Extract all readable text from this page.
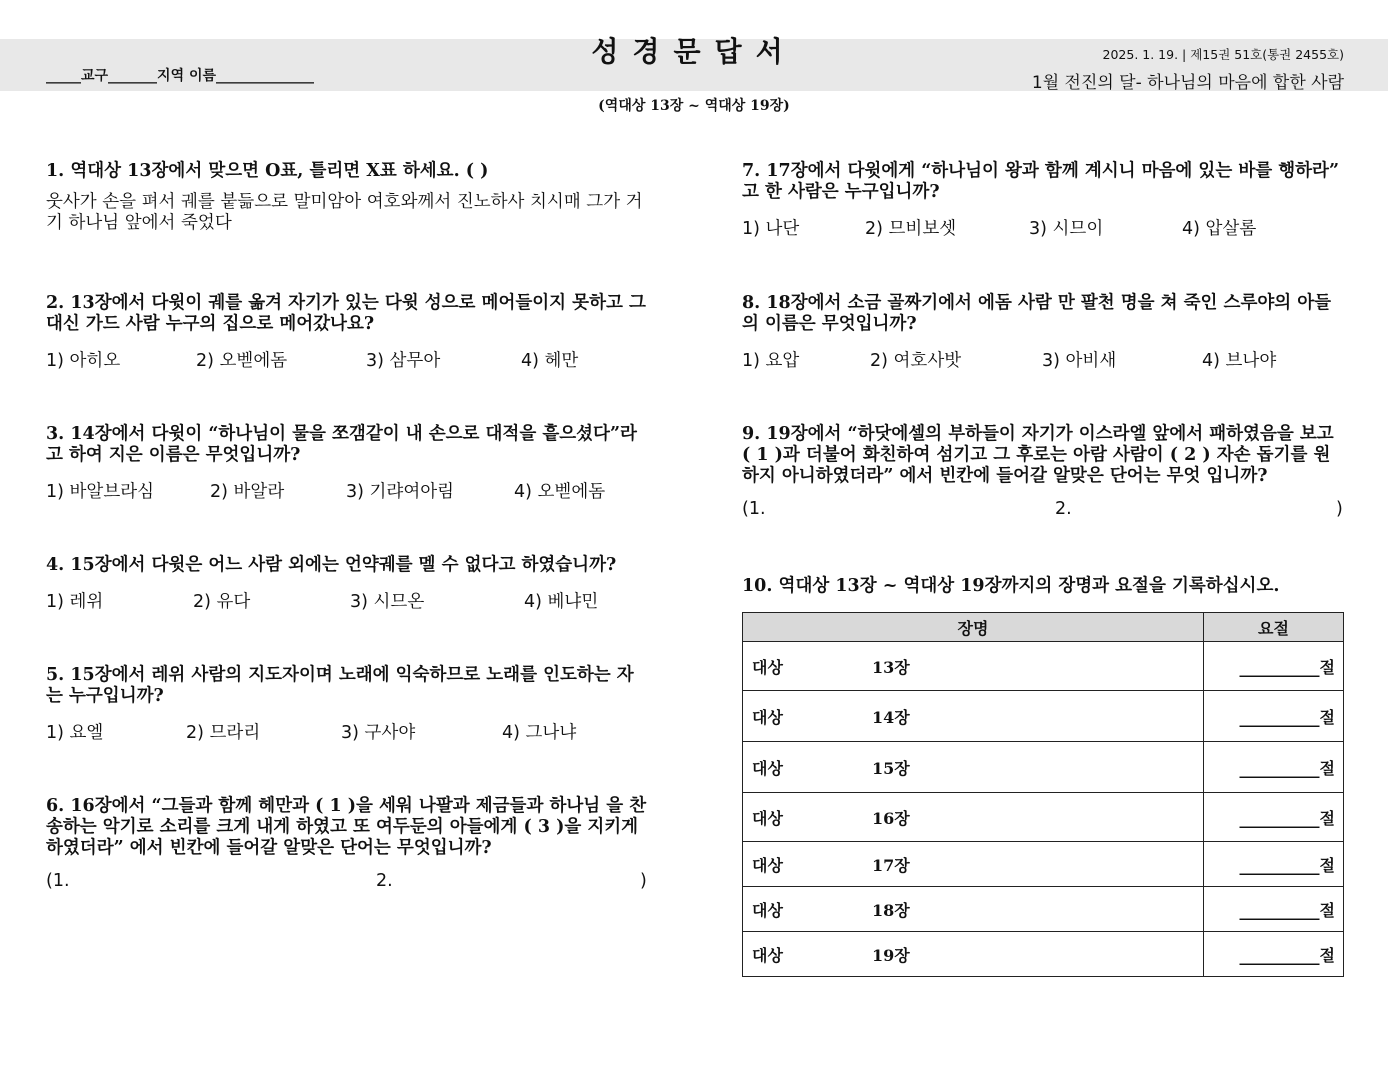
성경문답서
_____교구_______지역 이름______________
2025. 1. 19. | 제15권 51호(통권 2455호)
1월 전진의 달- 하나님의 마음에 합한 사람
(역대상 13장 ~ 역대상 19장)

1. 역대상 13장에서 맞으면 O표, 틀리면 X표 하세요. ( )

웃사가 손을 펴서 궤를 붙듦으로 말미암아 여호와께서 진노하사 치시매 그가 거기 하나님 앞에서 죽었다

2. 13장에서 다윗이 궤를 옮겨 자기가 있는 다윗 성으로 메어들이지 못하고 그 대신 가드 사람 누구의 집으로 메어갔나요?

1) 아히오	2) 오벧에돔	3) 삼무아	4) 헤만

3. 14장에서 다윗이 “하나님이 물을 쪼갬같이 내 손으로 대적을 흩으셨다”라고 하여 지은 이름은 무엇입니까?

1) 바알브라심	2) 바알라	3) 기랴여아림	4) 오벧에돔

4. 15장에서 다윗은 어느 사람 외에는 언약궤를 멜 수 없다고 하였습니까?

1) 레위	2) 유다	3) 시므온	4) 베냐민

5. 15장에서 레위 사람의 지도자이며 노래에 익숙하므로 노래를 인도하는 자는 누구입니까?

1) 요엘	2) 므라리	3) 구사야	4) 그나냐

6. 16장에서 “그들과 함께 헤만과 ( 1 )을 세워 나팔과 제금들과 하나님 을 찬송하는 악기로 소리를 크게 내게 하였고 또 여두둔의 아들에게 ( 3 )을 지키게 하였더라” 에서 빈칸에 들어갈 알맞은 단어는 무엇입니까?

(1.	2.	)

7. 17장에서 다윗에게 “하나님이 왕과 함께 계시니 마음에 있는 바를 행하라” 고 한 사람은 누구입니까?

1) 나단	2) 므비보셋	3) 시므이	4) 압살롬

8. 18장에서 소금 골짜기에서 에돔 사람 만 팔천 명을 쳐 죽인 스루야의 아들의 이름은 무엇입니까?

1) 요압	2) 여호사밧	3) 아비새	4) 브나야

9. 19장에서 “하닷에셀의 부하들이 자기가 이스라엘 앞에서 패하였음을 보고 ( 1 )과 더불어 화친하여 섬기고 그 후로는 아람 사람이 ( 2 ) 자손 돕기를 원하지 아니하였더라” 에서 빈칸에 들어갈 알맞은 단어는 무엇 입니까?

(1.	2.	)

10. 역대상 13장 ~ 역대상 19장까지의 장명과 요절을 기록하십시오.

장명	요절
대상 13장	__________절
대상 14장	__________절
대상 15장	__________절
대상 16장	__________절
대상 17장	__________절
대상 18장	__________절
대상 19장	__________절
